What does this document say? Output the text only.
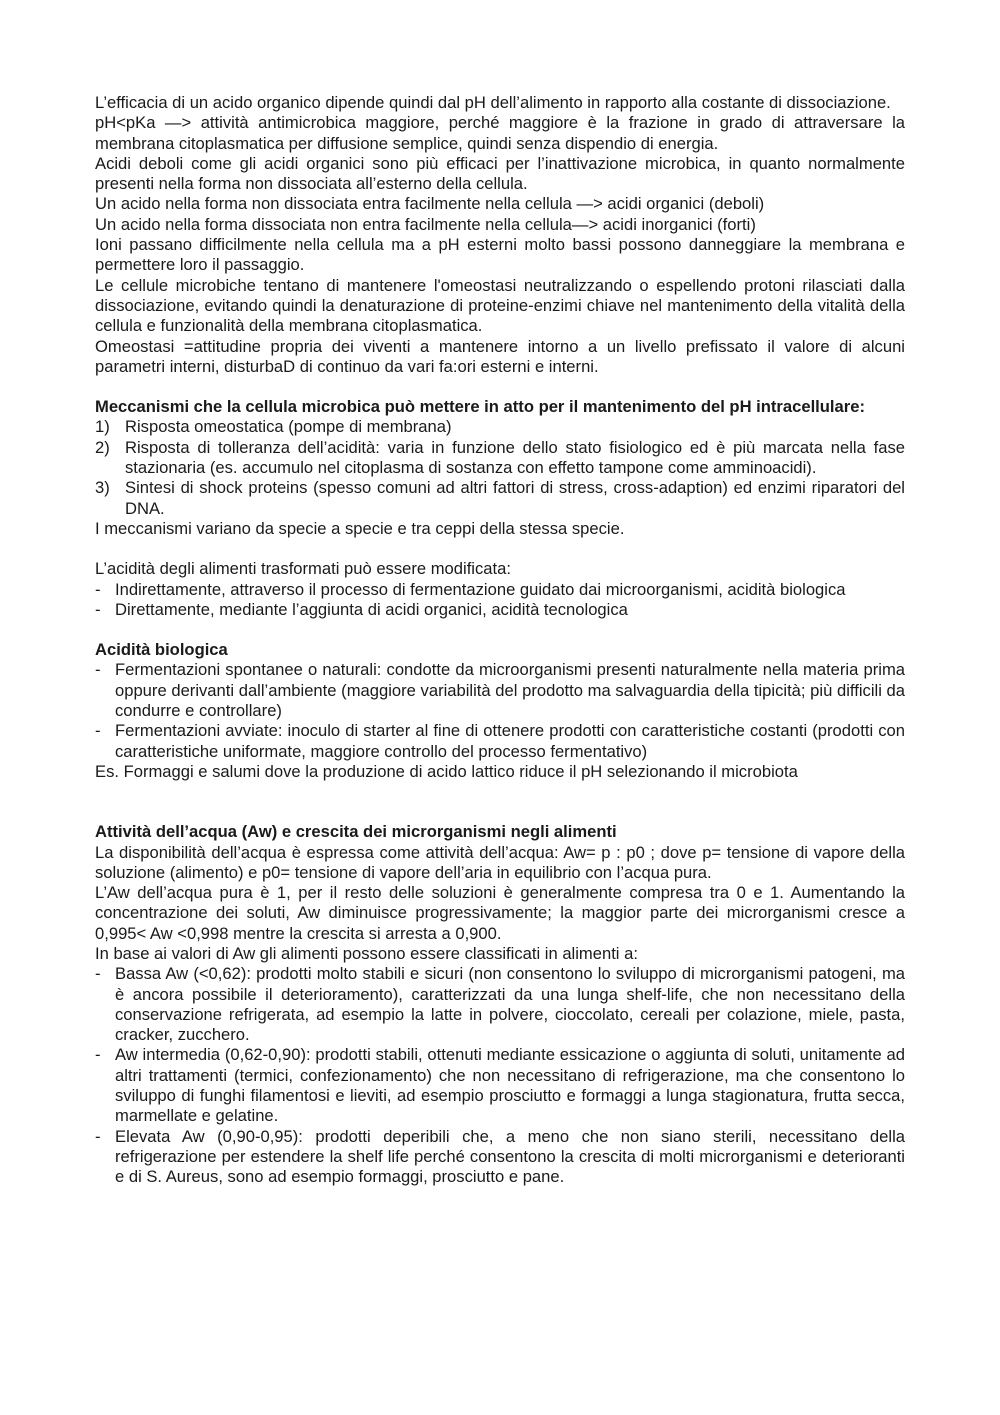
L’efficacia di un acido organico dipende quindi dal pH dell’alimento in rapporto alla costante di dissociazione.

pH<pKa —> attività antimicrobica maggiore, perché maggiore è la frazione in grado di attraversare la membrana citoplasmatica per diffusione semplice, quindi senza dispendio di energia.

Acidi deboli come gli acidi organici sono più efficaci per l’inattivazione microbica, in quanto normalmente presenti nella forma non dissociata all’esterno della cellula.

Un acido nella forma non dissociata entra facilmente nella cellula —> acidi organici (deboli)

Un acido nella forma dissociata non entra facilmente nella cellula—> acidi inorganici (forti)

Ioni passano difficilmente nella cellula ma a pH esterni molto bassi possono danneggiare la membrana e permettere loro il passaggio.

Le cellule microbiche tentano di mantenere l'omeostasi neutralizzando o espellendo protoni rilasciati dalla dissociazione, evitando quindi la denaturazione di proteine-enzimi chiave nel mantenimento della vitalità della cellula e funzionalità della membrana citoplasmatica.

Omeostasi =attitudine propria dei viventi a mantenere intorno a un livello prefissato il valore di alcuni parametri interni, disturbaD di continuo da vari fa:ori esterni e interni.

Meccanismi che la cellula microbica può mettere in atto per il mantenimento del pH intracellulare:

1) Risposta omeostatica (pompe di membrana)
2) Risposta di tolleranza dell’acidità: varia in funzione dello stato fisiologico ed è più marcata nella fase stazionaria (es. accumulo nel citoplasma di sostanza con effetto tampone come amminoacidi).
3) Sintesi di shock proteins (spesso comuni ad altri fattori di stress, cross-adaption) ed enzimi riparatori del DNA.

I meccanismi variano da specie a specie e tra ceppi della stessa specie.

L’acidità degli alimenti trasformati può essere modificata:

- Indirettamente, attraverso il processo di fermentazione guidato dai microorganismi, acidità biologica
- Direttamente, mediante l’aggiunta di acidi organici, acidità tecnologica

Acidità biologica

- Fermentazioni spontanee o naturali: condotte da microorganismi presenti naturalmente nella materia prima oppure derivanti dall’ambiente (maggiore variabilità del prodotto ma salvaguardia della tipicità; più difficili da condurre e controllare)
- Fermentazioni avviate: inoculo di starter al fine di ottenere prodotti con caratteristiche costanti (prodotti con caratteristiche uniformate, maggiore controllo del processo fermentativo)

Es. Formaggi e salumi dove la produzione di acido lattico riduce il pH selezionando il microbiota

Attività dell’acqua (Aw) e crescita dei microrganismi negli alimenti

La disponibilità dell’acqua è espressa come attività dell’acqua: Aw= p : p0 ; dove p= tensione di vapore della soluzione (alimento) e p0= tensione di vapore dell’aria in equilibrio con l’acqua pura.

L’Aw dell’acqua pura è 1, per il resto delle soluzioni è generalmente compresa tra 0 e 1. Aumentando la concentrazione dei soluti, Aw diminuisce progressivamente; la maggior parte dei microrganismi cresce a 0,995< Aw <0,998 mentre la crescita si arresta a 0,900.

In base ai valori di Aw gli alimenti possono essere classificati in alimenti a:

- Bassa Aw (<0,62): prodotti molto stabili e sicuri (non consentono lo sviluppo di microrganismi patogeni, ma è ancora possibile il deterioramento), caratterizzati da una lunga shelf-life, che non necessitano della conservazione refrigerata, ad esempio la latte in polvere, cioccolato, cereali per colazione, miele, pasta, cracker, zucchero.
- Aw intermedia (0,62-0,90): prodotti stabili, ottenuti mediante essicazione o aggiunta di soluti, unitamente ad altri trattamenti (termici, confezionamento) che non necessitano di refrigerazione, ma che consentono lo sviluppo di funghi filamentosi e lieviti, ad esempio prosciutto e formaggi a lunga stagionatura, frutta secca, marmellate e gelatine.
- Elevata Aw (0,90-0,95): prodotti deperibili che, a meno che non siano sterili, necessitano della refrigerazione per estendere la shelf life perché consentono la crescita di molti microrganismi e deterioranti e di S. Aureus, sono ad esempio formaggi, prosciutto e pane.
